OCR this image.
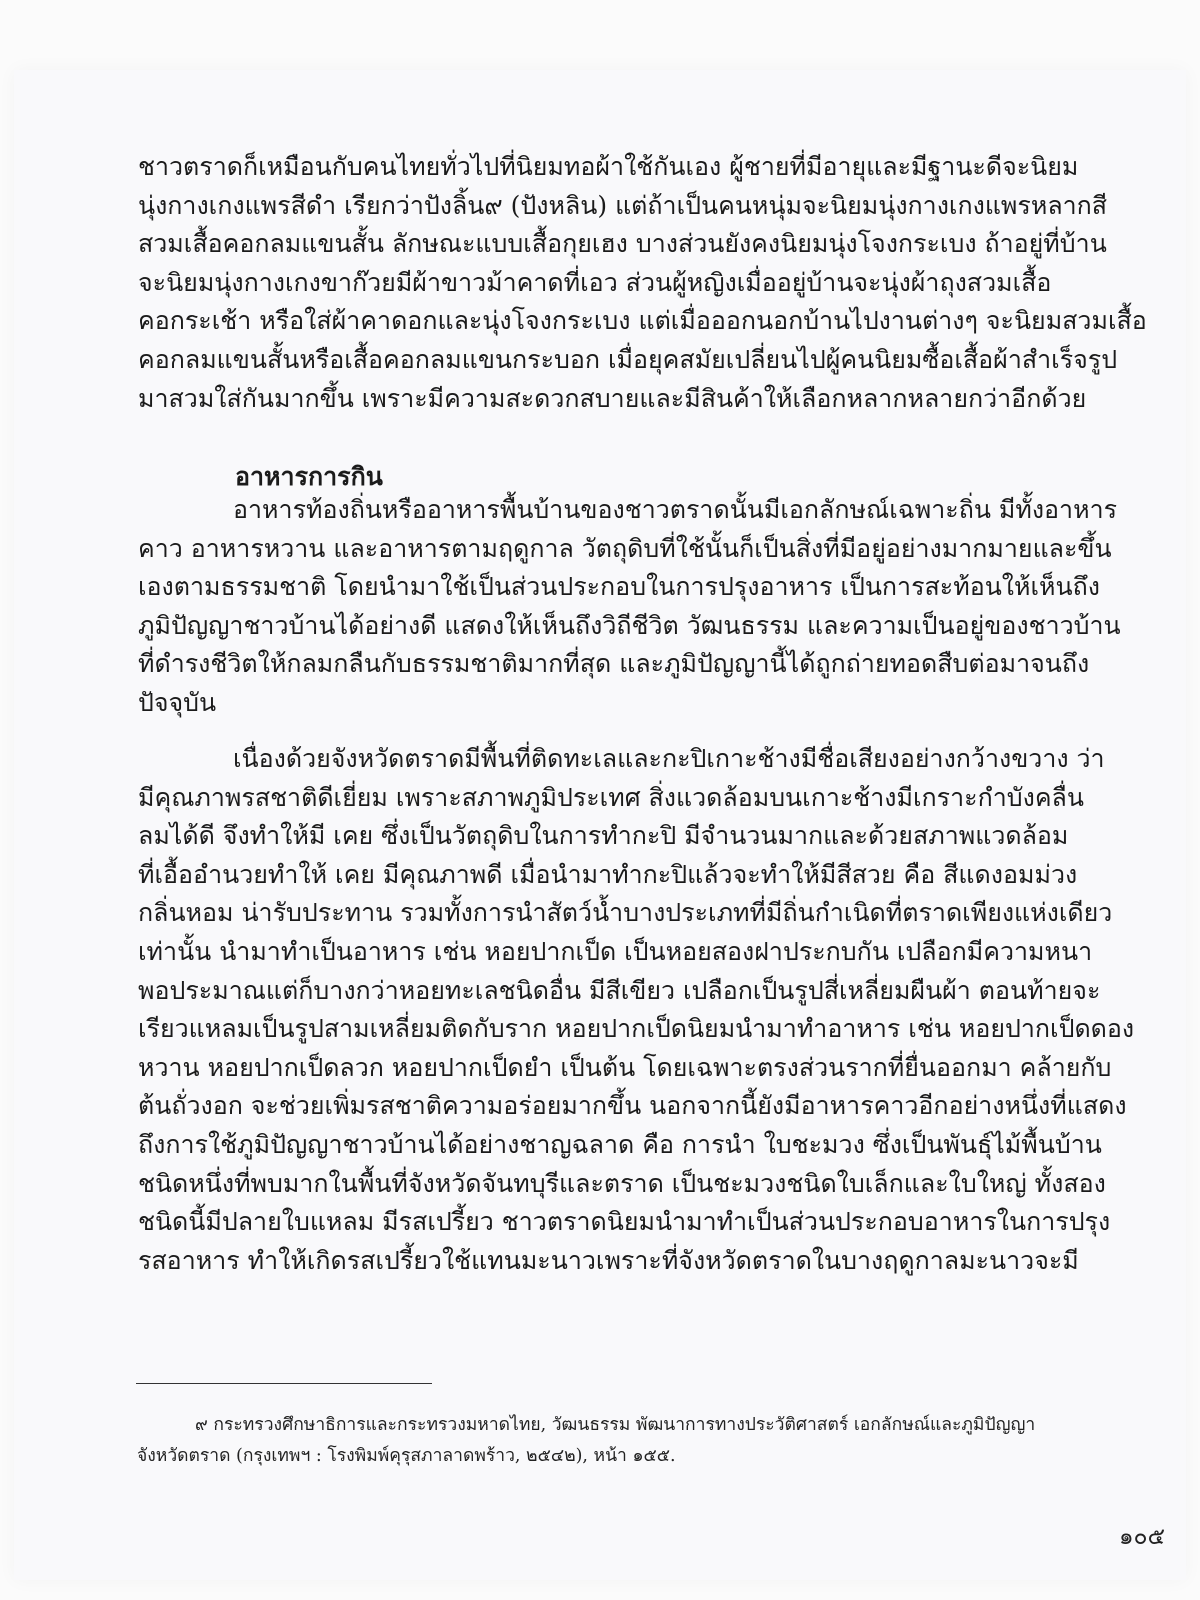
ชาวตราดก็เหมือนกับคนไทยทั่วไปที่นิยมทอผ้าใช้กันเอง ผู้ชายที่มีอายุและมีฐานะดีจะนิยม
นุ่งกางเกงแพรสีดำ เรียกว่าปังลิ้น๙ (ปังหลิน) แต่ถ้าเป็นคนหนุ่มจะนิยมนุ่งกางเกงแพรหลากสี
สวมเสื้อคอกลมแขนสั้น ลักษณะแบบเสื้อกุยเฮง บางส่วนยังคงนิยมนุ่งโจงกระเบง ถ้าอยู่ที่บ้าน
จะนิยมนุ่งกางเกงขาก๊วยมีผ้าขาวม้าคาดที่เอว ส่วนผู้หญิงเมื่ออยู่บ้านจะนุ่งผ้าถุงสวมเสื้อ
คอกระเช้า หรือใส่ผ้าคาดอกและนุ่งโจงกระเบง แต่เมื่อออกนอกบ้านไปงานต่างๆ จะนิยมสวมเสื้อ
คอกลมแขนสั้นหรือเสื้อคอกลมแขนกระบอก เมื่อยุคสมัยเปลี่ยนไปผู้คนนิยมซื้อเสื้อผ้าสำเร็จรูป
มาสวมใส่กันมากขึ้น เพราะมีความสะดวกสบายและมีสินค้าให้เลือกหลากหลายกว่าอีกด้วย
อาหารการกิน
อาหารท้องถิ่นหรืออาหารพื้นบ้านของชาวตราดนั้นมีเอกลักษณ์เฉพาะถิ่น มีทั้งอาหาร
คาว อาหารหวาน และอาหารตามฤดูกาล วัตถุดิบที่ใช้นั้นก็เป็นสิ่งที่มีอยู่อย่างมากมายและขึ้น
เองตามธรรมชาติ โดยนำมาใช้เป็นส่วนประกอบในการปรุงอาหาร เป็นการสะท้อนให้เห็นถึง
ภูมิปัญญาชาวบ้านได้อย่างดี แสดงให้เห็นถึงวิถีชีวิต วัฒนธรรม และความเป็นอยู่ของชาวบ้าน
ที่ดำรงชีวิตให้กลมกลืนกับธรรมชาติมากที่สุด และภูมิปัญญานี้ได้ถูกถ่ายทอดสืบต่อมาจนถึง
ปัจจุบัน
เนื่องด้วยจังหวัดตราดมีพื้นที่ติดทะเลและกะปิเกาะช้างมีชื่อเสียงอย่างกว้างขวาง ว่า
มีคุณภาพรสชาติดีเยี่ยม เพราะสภาพภูมิประเทศ สิ่งแวดล้อมบนเกาะช้างมีเกราะกำบังคลื่น
ลมได้ดี จึงทำให้มี เคย ซึ่งเป็นวัตถุดิบในการทำกะปิ มีจำนวนมากและด้วยสภาพแวดล้อม
ที่เอื้ออำนวยทำให้ เคย มีคุณภาพดี เมื่อนำมาทำกะปิแล้วจะทำให้มีสีสวย คือ สีแดงอมม่วง
กลิ่นหอม น่ารับประทาน รวมทั้งการนำสัตว์น้ำบางประเภทที่มีถิ่นกำเนิดที่ตราดเพียงแห่งเดียว
เท่านั้น นำมาทำเป็นอาหาร เช่น หอยปากเป็ด เป็นหอยสองฝาประกบกัน เปลือกมีความหนา
พอประมาณแต่ก็บางกว่าหอยทะเลชนิดอื่น มีสีเขียว เปลือกเป็นรูปสี่เหลี่ยมผืนผ้า ตอนท้ายจะ
เรียวแหลมเป็นรูปสามเหลี่ยมติดกับราก หอยปากเป็ดนิยมนำมาทำอาหาร เช่น หอยปากเป็ดดอง
หวาน หอยปากเป็ดลวก หอยปากเป็ดยำ เป็นต้น โดยเฉพาะตรงส่วนรากที่ยื่นออกมา คล้ายกับ
ต้นถั่วงอก จะช่วยเพิ่มรสชาติความอร่อยมากขึ้น นอกจากนี้ยังมีอาหารคาวอีกอย่างหนึ่งที่แสดง
ถึงการใช้ภูมิปัญญาชาวบ้านได้อย่างชาญฉลาด คือ การนำ ใบชะมวง ซึ่งเป็นพันธุ์ไม้พื้นบ้าน
ชนิดหนึ่งที่พบมากในพื้นที่จังหวัดจันทบุรีและตราด เป็นชะมวงชนิดใบเล็กและใบใหญ่ ทั้งสอง
ชนิดนี้มีปลายใบแหลม มีรสเปรี้ยว ชาวตราดนิยมนำมาทำเป็นส่วนประกอบอาหารในการปรุง
รสอาหาร ทำให้เกิดรสเปรี้ยวใช้แทนมะนาวเพราะที่จังหวัดตราดในบางฤดูกาลมะนาวจะมี
๙ กระทรวงศึกษาธิการและกระทรวงมหาดไทย, วัฒนธรรม พัฒนาการทางประวัติศาสตร์ เอกลักษณ์และภูมิปัญญา
จังหวัดตราด (กรุงเทพฯ : โรงพิมพ์คุรุสภาลาดพร้าว, ๒๕๔๒), หน้า ๑๕๕.
๑๐๕
